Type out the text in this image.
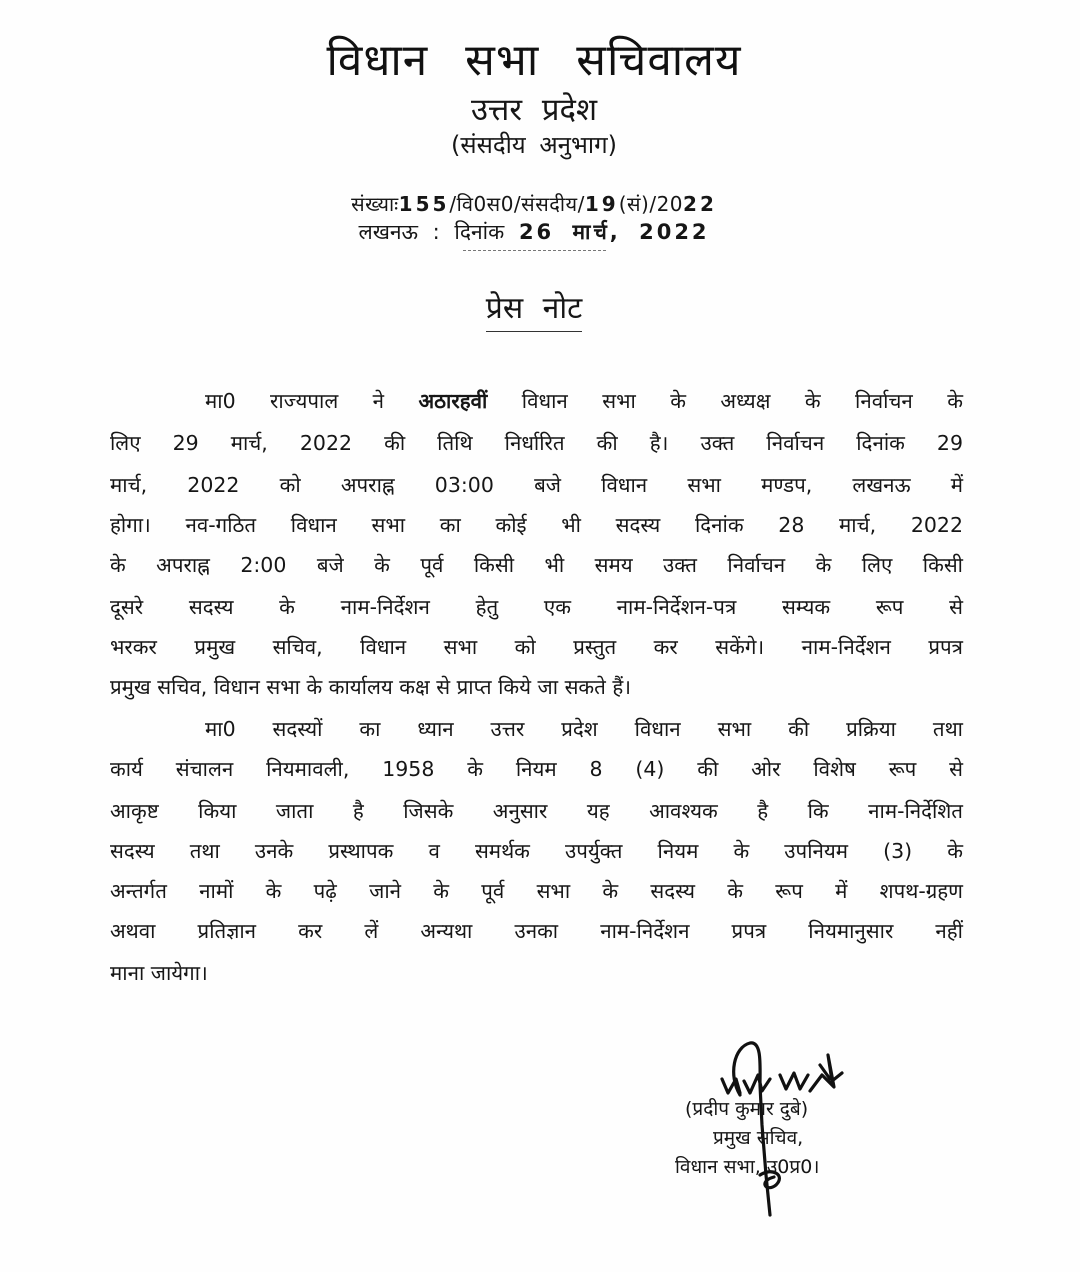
विधान सभा सचिवालय
उत्तर प्रदेश
(संसदीय अनुभाग)
संख्याः155/वि0स0/संसदीय/19(सं)/2022
लखनऊ : दिनांक 26 मार्च, 2022
प्रेस नोट
मा0 राज्यपाल ने अठारहवीं विधान सभा के अध्यक्ष के निर्वाचन के
लिए 29 मार्च, 2022 की तिथि निर्धारित की है। उक्त निर्वाचन दिनांक 29
मार्च, 2022 को अपराह्न 03:00 बजे विधान सभा मण्डप, लखनऊ में
होगा। नव-गठित विधान सभा का कोई भी सदस्य दिनांक 28 मार्च, 2022
के अपराह्न 2:00 बजे के पूर्व किसी भी समय उक्त निर्वाचन के लिए किसी
दूसरे सदस्य के नाम-निर्देशन हेतु एक नाम-निर्देशन-पत्र सम्यक रूप से
भरकर प्रमुख सचिव, विधान सभा को प्रस्तुत कर सकेंगे। नाम-निर्देशन प्रपत्र
प्रमुख सचिव, विधान सभा के कार्यालय कक्ष से प्राप्त किये जा सकते हैं।
मा0 सदस्यों का ध्यान उत्तर प्रदेश विधान सभा की प्रक्रिया तथा
कार्य संचालन नियमावली, 1958 के नियम 8 (4) की ओर विशेष रूप से
आकृष्ट किया जाता है जिसके अनुसार यह आवश्यक है कि नाम-निर्देशित
सदस्य तथा उनके प्रस्थापक व समर्थक उपर्युक्त नियम के उपनियम (3) के
अन्तर्गत नामों के पढ़े जाने के पूर्व सभा के सदस्य के रूप में शपथ-ग्रहण
अथवा प्रतिज्ञान कर लें अन्यथा उनका नाम-निर्देशन प्रपत्र नियमानुसार नहीं
माना जायेगा।
(प्रदीप कुमार दुबे)
प्रमुख सचिव,
विधान सभा, उ0प्र0।
